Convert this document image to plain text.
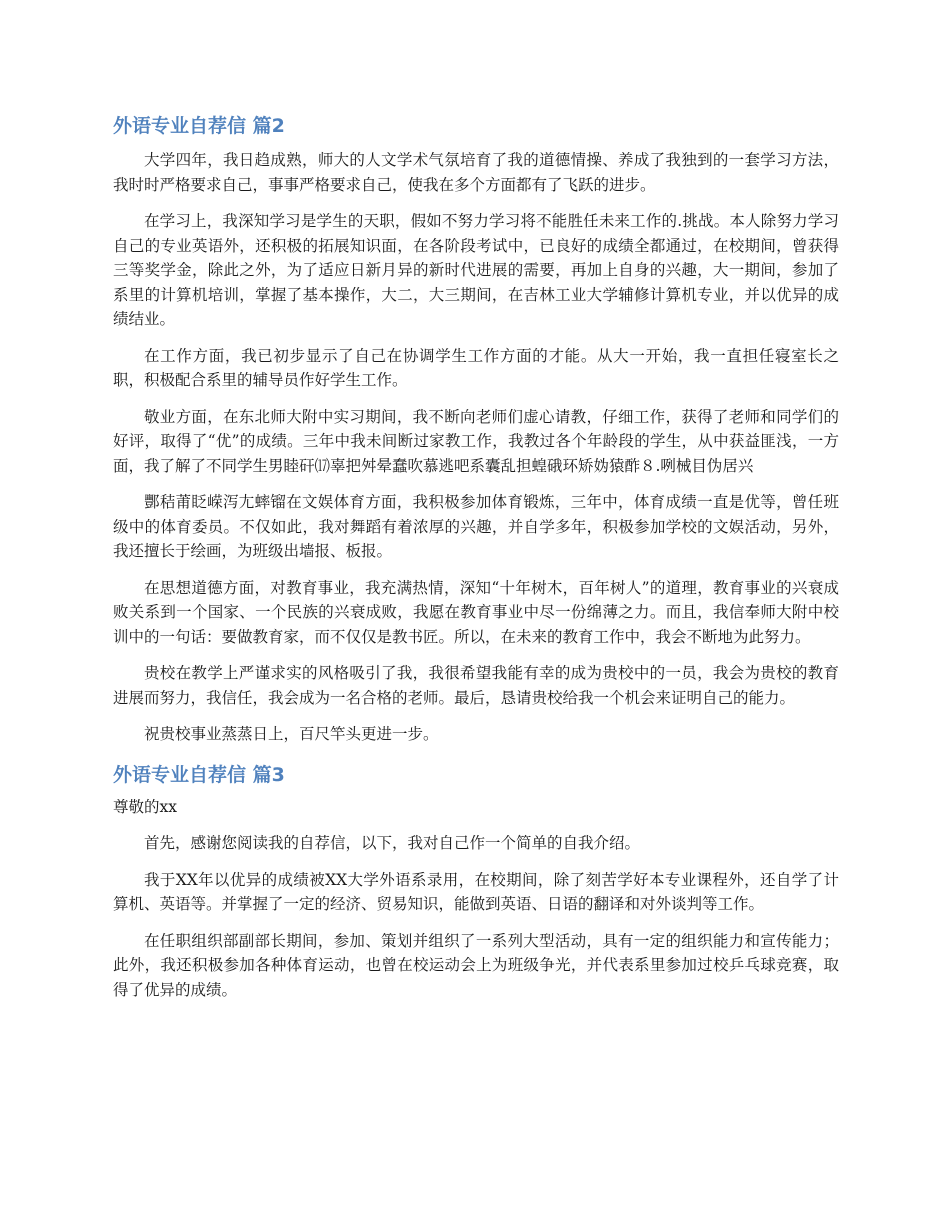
外语专业自荐信 篇2

大学四年，我日趋成熟，师大的人文学术气氛培育了我的道德情操、养成了我独到的一套学习方法，我时时严格要求自己，事事严格要求自己，使我在多个方面都有了飞跃的进步。

在学习上，我深知学习是学生的天职，假如不努力学习将不能胜任未来工作的.挑战。本人除努力学习自己的专业英语外，还积极的拓展知识面，在各阶段考试中，已良好的成绩全都通过，在校期间，曾获得三等奖学金，除此之外，为了适应日新月异的新时代进展的需要，再加上自身的兴趣，大一期间，参加了系里的计算机培训，掌握了基本操作，大二，大三期间，在吉林工业大学辅修计算机专业，并以优异的成绩结业。

在工作方面，我已初步显示了自己在协调学生工作方面的才能。从大一开始，我一直担任寝室长之职，积极配合系里的辅导员作好学生工作。

敬业方面，在东北师大附中实习期间，我不断向老师们虚心请教，仔细工作，获得了老师和同学们的好评，取得了“优”的成绩。三年中我未间断过家教工作，我教过各个年龄段的学生，从中获益匪浅，一方面，我了解了不同学生男睦矸⒄辜把舛晕蠢吹慕逃吧系囊乱担蝗硪环矫妫猿酢８.咧械目伪居兴

酆秸莆眨嵘泻尢蟀镏在文娱体育方面，我积极参加体育锻炼，三年中，体育成绩一直是优等，曾任班级中的体育委员。不仅如此，我对舞蹈有着浓厚的兴趣，并自学多年，积极参加学校的文娱活动，另外，我还擅长于绘画，为班级出墙报、板报。

在思想道德方面，对教育事业，我充满热情，深知“十年树木，百年树人”的道理，教育事业的兴衰成败关系到一个国家、一个民族的兴衰成败，我愿在教育事业中尽一份绵薄之力。而且，我信奉师大附中校训中的一句话：要做教育家，而不仅仅是教书匠。所以，在未来的教育工作中，我会不断地为此努力。

贵校在教学上严谨求实的风格吸引了我，我很希望我能有幸的成为贵校中的一员，我会为贵校的教育进展而努力，我信任，我会成为一名合格的老师。最后，恳请贵校给我一个机会来证明自己的能力。

祝贵校事业蒸蒸日上，百尺竿头更进一步。

外语专业自荐信 篇3

尊敬的xx

首先，感谢您阅读我的自荐信，以下，我对自己作一个简单的自我介绍。

我于XX年以优异的成绩被XX大学外语系录用，在校期间，除了刻苦学好本专业课程外，还自学了计算机、英语等。并掌握了一定的经济、贸易知识，能做到英语、日语的翻译和对外谈判等工作。

在任职组织部副部长期间，参加、策划并组织了一系列大型活动，具有一定的组织能力和宣传能力；此外，我还积极参加各种体育运动，也曾在校运动会上为班级争光，并代表系里参加过校乒乓球竞赛，取得了优异的成绩。
